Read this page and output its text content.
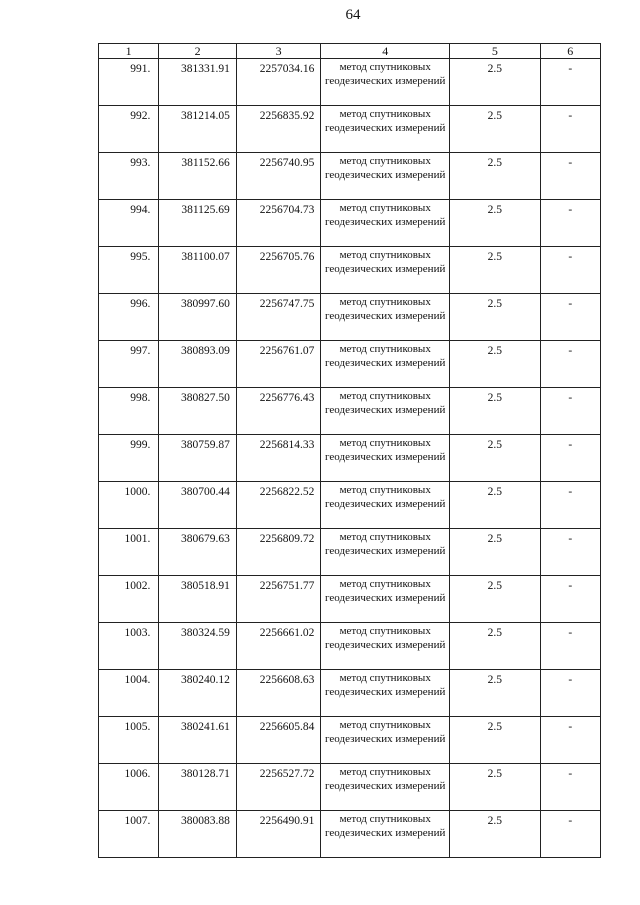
64
1	2	3	4	5	6
991.	381331.91	2257034.16	метод спутниковых геодезических измерений	2.5	-
992.	381214.05	2256835.92	метод спутниковых геодезических измерений	2.5	-
993.	381152.66	2256740.95	метод спутниковых геодезических измерений	2.5	-
994.	381125.69	2256704.73	метод спутниковых геодезических измерений	2.5	-
995.	381100.07	2256705.76	метод спутниковых геодезических измерений	2.5	-
996.	380997.60	2256747.75	метод спутниковых геодезических измерений	2.5	-
997.	380893.09	2256761.07	метод спутниковых геодезических измерений	2.5	-
998.	380827.50	2256776.43	метод спутниковых геодезических измерений	2.5	-
999.	380759.87	2256814.33	метод спутниковых геодезических измерений	2.5	-
1000.	380700.44	2256822.52	метод спутниковых геодезических измерений	2.5	-
1001.	380679.63	2256809.72	метод спутниковых геодезических измерений	2.5	-
1002.	380518.91	2256751.77	метод спутниковых геодезических измерений	2.5	-
1003.	380324.59	2256661.02	метод спутниковых геодезических измерений	2.5	-
1004.	380240.12	2256608.63	метод спутниковых геодезических измерений	2.5	-
1005.	380241.61	2256605.84	метод спутниковых геодезических измерений	2.5	-
1006.	380128.71	2256527.72	метод спутниковых геодезических измерений	2.5	-
1007.	380083.88	2256490.91	метод спутниковых геодезических измерений	2.5	-
